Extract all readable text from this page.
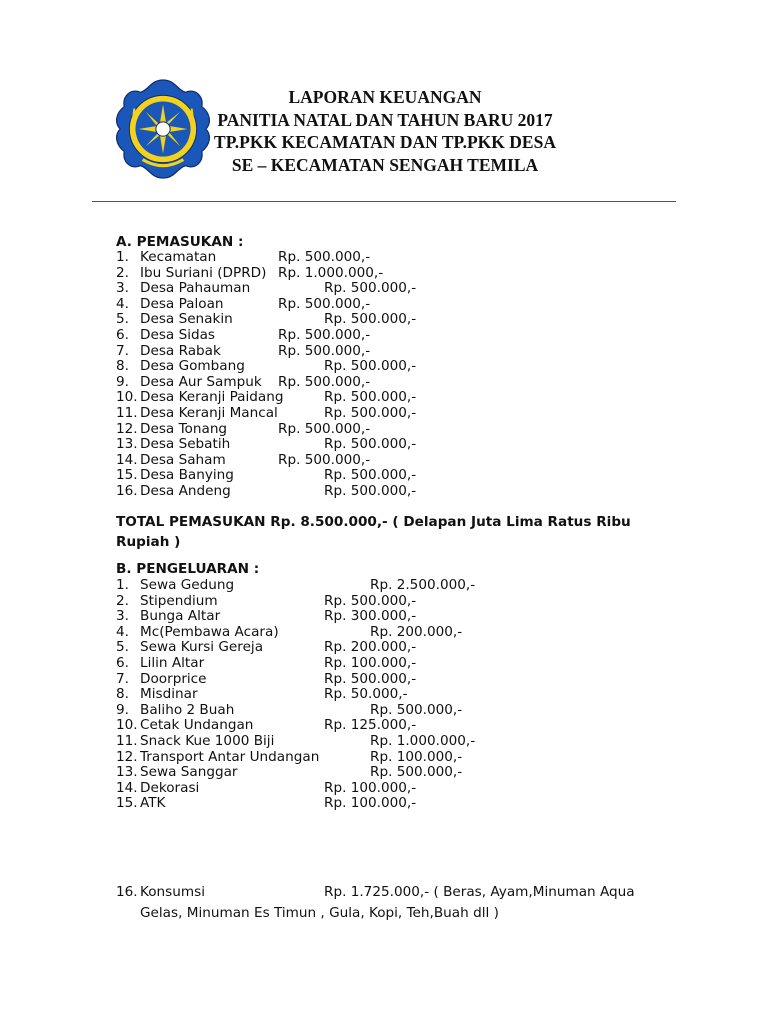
LAPORAN KEUANGAN
PANITIA NATAL DAN TAHUN BARU 2017
TP.PKK KECAMATAN DAN TP.PKK DESA
SE – KECAMATAN SENGAH TEMILA
A. PEMASUKAN :
1. Kecamatan	Rp. 500.000,-
2. Ibu Suriani (DPRD) Rp. 1.000.000,-
3. Desa Pahauman	Rp. 500.000,-
4. Desa Paloan	Rp. 500.000,-
5. Desa Senakin	Rp. 500.000,-
6. Desa Sidas	Rp. 500.000,-
7. Desa Rabak	Rp. 500.000,-
8. Desa Gombang	Rp. 500.000,-
9. Desa Aur Sampuk Rp. 500.000,-
10. Desa Keranji Paidang	Rp. 500.000,-
11. Desa Keranji Mancal	Rp. 500.000,-
12. Desa Tonang	Rp. 500.000,-
13. Desa Sebatih	Rp. 500.000,-
14. Desa Saham	Rp. 500.000,-
15. Desa Banying	Rp. 500.000,-
16. Desa Andeng	Rp. 500.000,-
TOTAL PEMASUKAN Rp. 8.500.000,- ( Delapan Juta Lima Ratus Ribu Rupiah )
B. PENGELUARAN :
1. Sewa Gedung	Rp. 2.500.000,-
2. Stipendium	Rp. 500.000,-
3. Bunga Altar	Rp. 300.000,-
4. Mc(Pembawa Acara)	Rp. 200.000,-
5. Sewa Kursi Gereja	Rp. 200.000,-
6. Lilin Altar	Rp. 100.000,-
7. Doorprice	Rp. 500.000,-
8. Misdinar	Rp. 50.000,-
9. Baliho 2 Buah	Rp. 500.000,-
10. Cetak Undangan	Rp. 125.000,-
11. Snack Kue 1000 Biji	Rp. 1.000.000,-
12. Transport Antar Undangan	Rp. 100.000,-
13. Sewa Sanggar	Rp. 500.000,-
14. Dekorasi	Rp. 100.000,-
15. ATK	Rp. 100.000,-
16. Konsumsi	Rp. 1.725.000,- ( Beras, Ayam,Minuman Aqua
Gelas, Minuman Es Timun , Gula, Kopi, Teh,Buah dll )
